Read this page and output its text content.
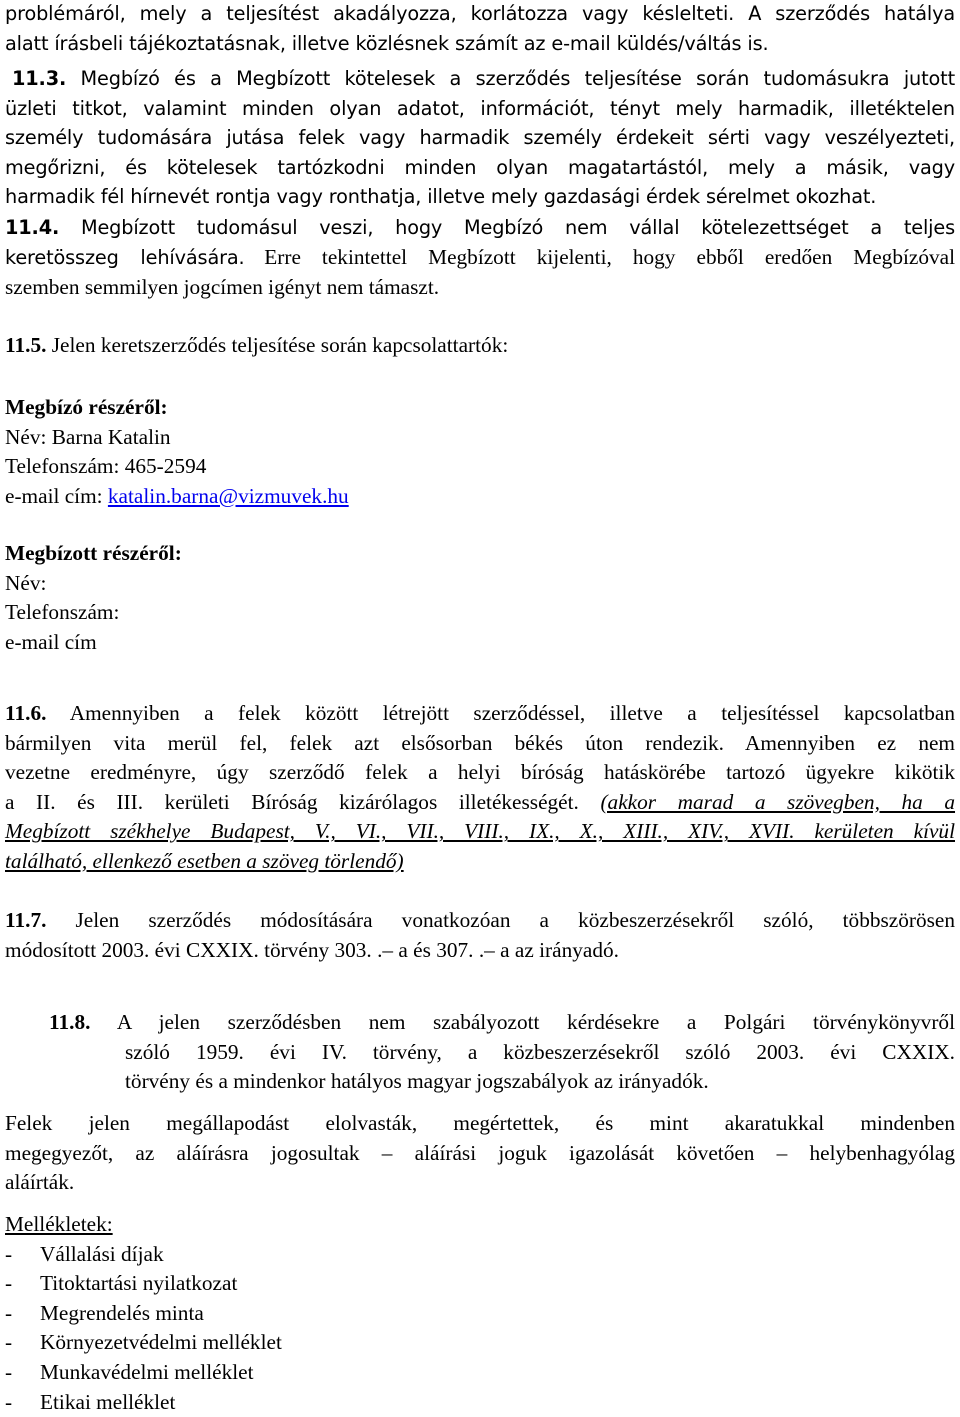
problémáról, mely a teljesítést akadályozza, korlátozza vagy késlelteti. A szerződés hatálya
alatt írásbeli tájékoztatásnak, illetve közlésnek számít az e-mail küldés/váltás is.
11.3. Megbízó és a Megbízott kötelesek a szerződés teljesítése során tudomásukra jutott
üzleti titkot, valamint minden olyan adatot, információt, tényt mely harmadik, illetéktelen
személy tudomására jutása felek vagy harmadik személy érdekeit sérti vagy veszélyezteti,
megőrizni, és kötelesek tartózkodni minden olyan magatartástól, mely a másik, vagy
harmadik fél hírnevét rontja vagy ronthatja, illetve mely gazdasági érdek sérelmet okozhat.
11.4. Megbízott tudomásul veszi, hogy Megbízó nem vállal kötelezettséget a teljes
keretösszeg lehívására. Erre tekintettel Megbízott kijelenti, hogy ebből eredően Megbízóval
szemben semmilyen jogcímen igényt nem támaszt.
11.5. Jelen keretszerződés teljesítése során kapcsolattartók:
Megbízó részéről:
Név: Barna Katalin
Telefonszám: 465-2594
e-mail cím: katalin.barna@vizmuvek.hu
Megbízott részéről:
Név:
Telefonszám:
e-mail cím
11.6. Amennyiben a felek között létrejött szerződéssel, illetve a teljesítéssel kapcsolatban
bármilyen vita merül fel, felek azt elsősorban békés úton rendezik. Amennyiben ez nem
vezetne eredményre, úgy szerződő felek a helyi bíróság hatáskörébe tartozó ügyekre kikötik
a II. és III. kerületi Bíróság kizárólagos illetékességét. (akkor marad a szövegben, ha a
Megbízott székhelye Budapest, V., VI., VII., VIII., IX., X., XIII., XIV., XVII. kerületen kívül
található, ellenkező esetben a szöveg törlendő)
11.7. Jelen szerződés módosítására vonatkozóan a közbeszerzésekről szóló, többszörösen
módosított 2003. évi CXXIX. törvény 303. .– a és 307. .– a az irányadó.
11.8. A jelen szerződésben nem szabályozott kérdésekre a Polgári törvénykönyvről
szóló 1959. évi IV. törvény, a közbeszerzésekről szóló 2003. évi CXXIX.
törvény és a mindenkor hatályos magyar jogszabályok az irányadók.
Felek jelen megállapodást elolvasták, megértettek, és mint akaratukkal mindenben
megegyezőt, az aláírásra jogosultak – aláírási joguk igazolását követően – helybenhagyólag
aláírták.
Mellékletek:
- Vállalási díjak
- Titoktartási nyilatkozat
- Megrendelés minta
- Környezetvédelmi melléklet
- Munkavédelmi melléklet
- Etikai melléklet
